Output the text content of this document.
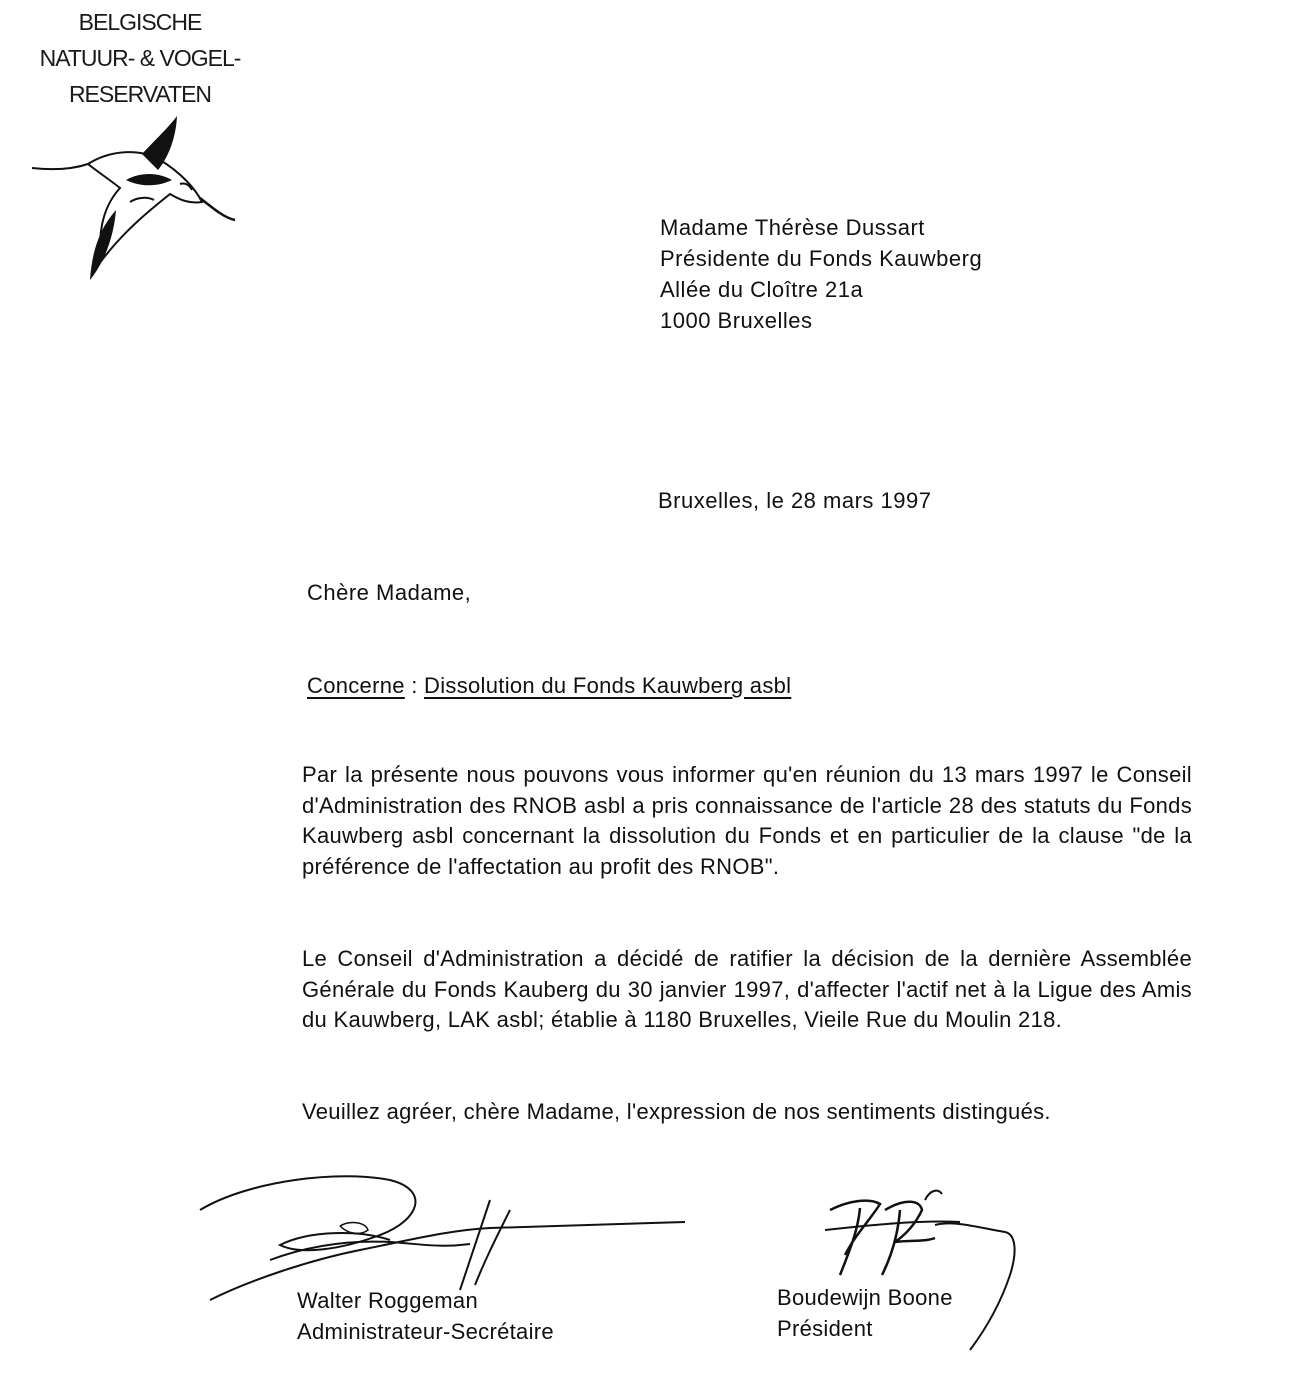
BELGISCHE
NATUUR- & VOGEL-
RESERVATEN
Madame Thérèse Dussart
Présidente du Fonds Kauwberg
Allée du Cloître 21a
1000 Bruxelles
Bruxelles, le 28 mars 1997
Chère Madame,
Concerne : Dissolution du Fonds Kauwberg asbl
Par la présente nous pouvons vous informer qu'en réunion du 13 mars 1997 le Conseil d'Administration des RNOB asbl a pris connaissance de l'article 28 des statuts du Fonds Kauwberg asbl concernant la dissolution du Fonds et en particulier de la clause "de la préférence de l'affectation au profit des RNOB".
Le Conseil d'Administration a décidé de ratifier la décision de la dernière Assemblée Générale du Fonds Kauberg du 30 janvier 1997, d'affecter l'actif net à la Ligue des Amis du Kauwberg, LAK asbl; établie à 1180 Bruxelles, Vieile Rue du Moulin 218.
Veuillez agréer, chère Madame, l'expression de nos sentiments distingués.
Walter Roggeman
Administrateur-Secrétaire
Boudewijn Boone
Président
